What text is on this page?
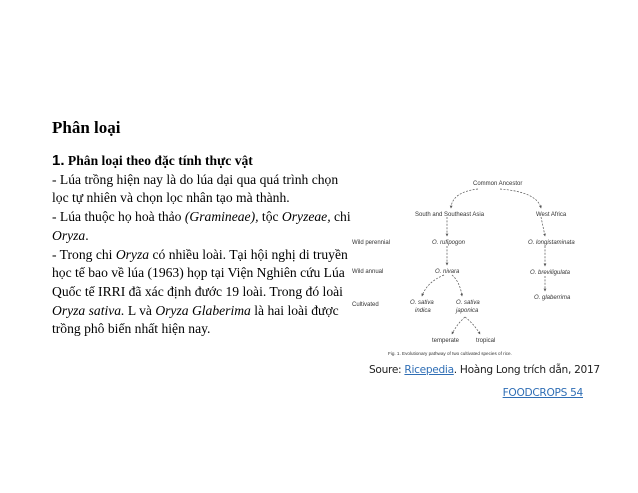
Phân loại

1. Phân loại theo đặc tính thực vật

- Lúa trồng hiện nay là do lúa dại qua quá trình chọn lọc tự nhiên và chọn lọc nhân tạo mà thành.

- Lúa thuộc họ hoà thảo (Gramineae), tộc Oryzeae, chi Oryza.

- Trong chi Oryza có nhiều loài. Tại hội nghị di truyền học tế bao về lúa (1963) họp tại Viện Nghiên cứu Lúa Quốc tế IRRI đã xác định đước 19 loài. Trong đó loài Oryza sativa. L và Oryza Glaberima là hai loài được trồng phô biến nhất hiện nay.

Common Ancestor
South and Southeast Asia	West Africa
Wild perennial	O. rufipogon	O. longistaminata
Wild annual	O. nivara	O. breviligulata
Cultivated	O. sativa
indica
O. sativa
japonica
O. glaberrima
temperate	tropical
Fig. 1. Evolutionary pathway of two cultivated species of rice.
Soure: Ricepedia. Hoàng Long trích dẫn, 2017
FOODCROPS 54
